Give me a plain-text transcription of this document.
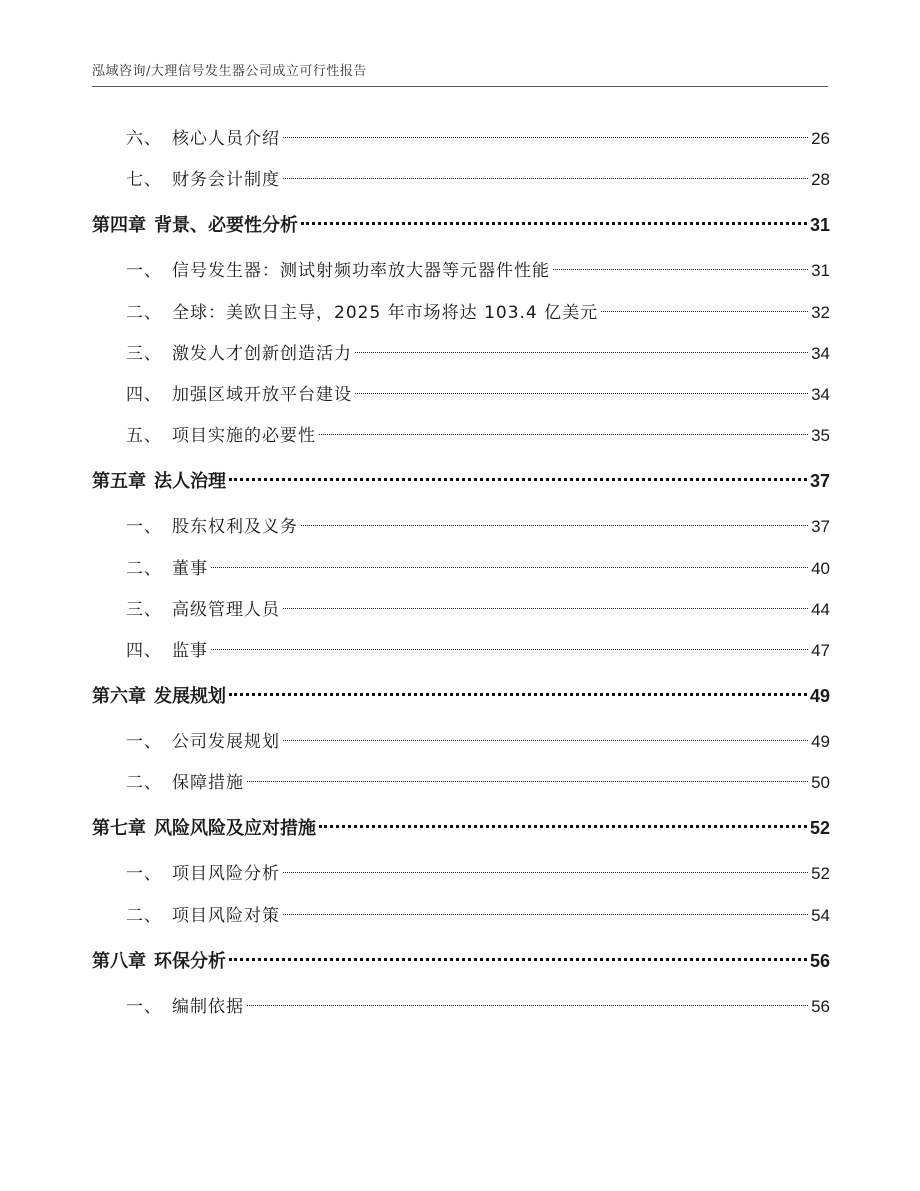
泓域咨询/大理信号发生器公司成立可行性报告
六、 核心人员介绍	26
七、 财务会计制度	28
第四章 背景、必要性分析	31
一、 信号发生器：测试射频功率放大器等元器件性能	31
二、 全球：美欧日主导，2025 年市场将达 103.4 亿美元	32
三、 激发人才创新创造活力	34
四、 加强区域开放平台建设	34
五、 项目实施的必要性	35
第五章 法人治理	37
一、 股东权利及义务	37
二、 董事	40
三、 高级管理人员	44
四、 监事	47
第六章 发展规划	49
一、 公司发展规划	49
二、 保障措施	50
第七章 风险风险及应对措施	52
一、 项目风险分析	52
二、 项目风险对策	54
第八章 环保分析	56
一、 编制依据	56
